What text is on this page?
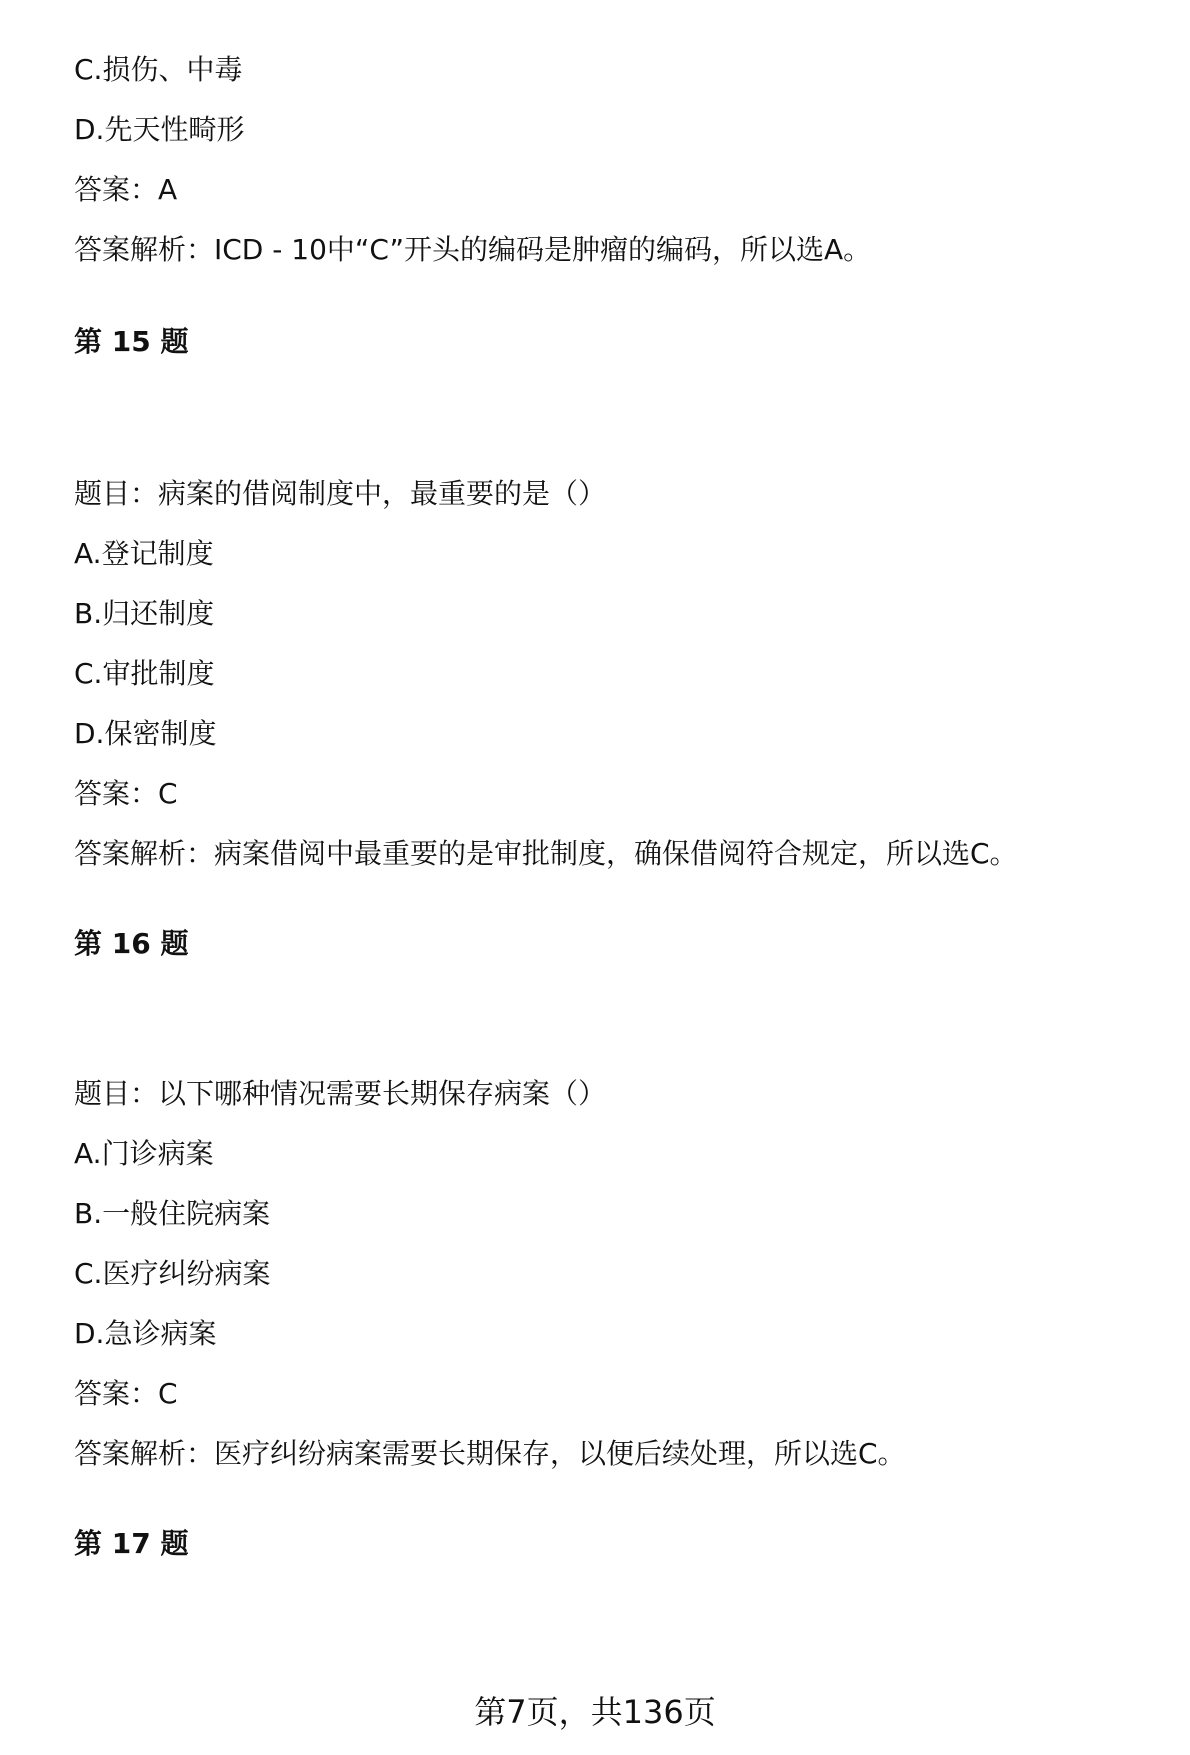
C.损伤、中毒
D.先天性畸形
答案：A
答案解析：ICD - 10中“C”开头的编码是肿瘤的编码，所以选A。
第 15 题
题目：病案的借阅制度中，最重要的是（）
A.登记制度
B.归还制度
C.审批制度
D.保密制度
答案：C
答案解析：病案借阅中最重要的是审批制度，确保借阅符合规定，所以选C。
第 16 题
题目：以下哪种情况需要长期保存病案（）
A.门诊病案
B.一般住院病案
C.医疗纠纷病案
D.急诊病案
答案：C
答案解析：医疗纠纷病案需要长期保存，以便后续处理，所以选C。
第 17 题
第7页，共136页
